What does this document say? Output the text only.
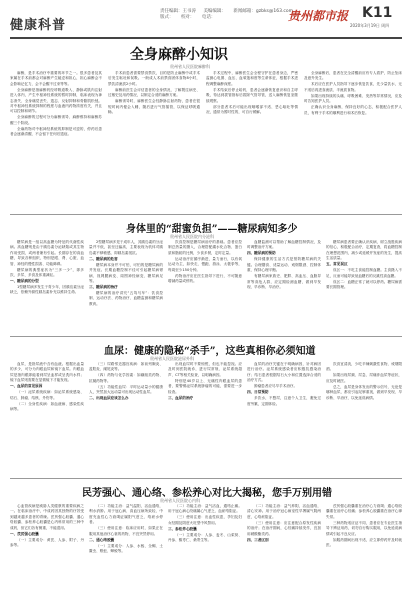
健康科普
责任编辑：王书涛 美编编辑： 新闻邮箱：gzbks@163.com
版式： 校对： 电话：	贵州都市报 K11
2020年3月19日 周四
全身麻醉小知识
贵州省人民医院麻醉科

麻醉，是手术治疗中重要的环节之一。很多患者及其家属在手术前都会对麻醉产生疑虑和担心，担心麻醉会不会影响记忆力，会不会醒不过来等等。

全身麻醉是指麻醉药经呼吸道吸入、静脉或肌肉注射进入体内，产生中枢神经系统的暂时抑制，临床表现为神志消失、全身痛觉丧失、遗忘、反射抑制和骨骼肌松弛。对中枢神经系统抑制的程度与血液内药物浓度有关，并且可以控制和调节。

全身麻醉的过程可分为麻醉诱导、麻醉维持和麻醉苏醒三个阶段。

全麻药物对中枢神经系统的抑制是可逆的，停药后患者会逐渐清醒，不会留下任何后遗症。

手术前患者需要禁食禁饮，目的是防止麻醉中或手术后发生呕吐和误吸。一般成人术前禁食固体食物8小时，禁饮清流质2小时。

麻醉前医生会评估患者的全身情况，了解既往病史、过敏史及用药情况，以制定合适的麻醉方案。

麻醉诱导时，麻醉医生会经静脉注射药物，患者在很短时间内便会入睡，随后进行气管插管，以保证呼吸通畅。

手术过程中，麻醉医生会全程守护在患者身边，严密监测心电图、血压、血氧饱和度等生命体征，根据手术进程调整麻醉深度。

手术结束后停止给药，患者会逐渐恢复意识和自主呼吸，待达到拔管指标后拔除气管导管，送入麻醉恢复室继续观察。

部分患者术后可能出现咽喉部不适、恶心呕吐等情况，通常为暂时性的，可自行缓解。

全身麻醉后，患者在完全清醒前应有专人看护，防止坠床及意外发生。

术后应在医护人员指导下逐步恢复饮食，先少量饮水，无不适后再进食流质、半流质食物。

如果出现持续的头痛、呼吸困难、发热等异常情况，应及时告知医护人员。

正确认识全身麻醉，保持良好的心态，积极配合医护人员，有利于手术的顺利进行和术后恢复。

身体里的“甜蜜负担”——糖尿病知多少
贵州省人民医院内分泌科

糖尿病是一组以高血糖为特征的代谢性疾病。高血糖则是由于胰岛素分泌缺陷或其生物作用受损，或两者兼有引起。长期存在的高血糖，导致各种组织，特别是眼、肾、心脏、血管、神经的慢性损害、功能障碍。

糖尿病的典型症状为“三多一少”，即多饮、多尿、多食及体重减轻。

一、糖尿病的分型

1型糖尿病多发生于青少年，因胰岛素分泌缺乏，依赖外源性胰岛素补充以维持生命。

2型糖尿病多见于成年人，其胰岛素的分泌量并不低，甚至还偏高，主要表现为机体对胰岛素不够敏感，即胰岛素抵抗。

二、糖尿病的危害

糖尿病本身并不可怕，可怕的是糖尿病的并发症。长期血糖控制不佳可引起糖尿病肾病、视网膜病变、周围神经病变、糖尿病足等。

三、糖尿病的治疗

糖尿病的治疗讲究“五驾马车”：饮食控制、运动疗法、药物治疗、血糖监测和糖尿病教育。

饮食控制是糖尿病治疗的基础。患者应控制总热量的摄入，合理搭配碳水化合物、蛋白质和脂肪的比例，少食多餐，定时定量。

运动治疗应循序渐进，量力而行，以有氧运动为主，如快走、慢跑、游泳、太极拳等，每周至少150分钟。

药物治疗应在医生指导下进行，不可随意增减药量或停药。

血糖监测可以帮助了解血糖控制情况，及时调整治疗方案。

四、糖尿病的预防

保持健康的生活方式是预防糖尿病的关键。合理膳食、适量运动、戒烟限酒、控制体重、保持心理平衡。

有糖尿病家族史、肥胖、高血压、血脂异常等高危人群，应定期检测血糖，做到早发现、早诊断、早治疗。

糖尿病患者要正确认识疾病，树立战胜疾病的信心，积极配合治疗，定期复查，将血糖控制在理想范围内，减少或延缓并发症的发生，提高生活质量。

五、常见误区

误区一：不吃主食能控制血糖。主食摄入不足，反而可能导致低血糖后的反跳性高血糖。

误区二：血糖正常了就可以停药。糖尿病需要长期管理。

血尿：健康的隐秘“杀手”，这些真相你必须知道
贵州省人民医院泌尿外科

血尿，是指尿液中含有血液。根据出血量的多少，可分为肉眼血尿和镜下血尿。肉眼血尿是指肉眼即能看到尿呈血样或呈洗肉水样；镜下血尿则需要在显微镜下才能发现。

一、血尿的常见原因

（一）泌尿系统疾病：如泌尿系统感染、结石、肿瘤、结核、外伤等。

（二）全身性疾病：如血液病、感染性疾病等。

（三）尿路邻近器官疾病：如前列腺炎、盆腔炎、阑尾炎等。

（四）药物与化学因素：如磺胺类药物、抗凝药物等。

（五）功能性血尿：平时运动量小的健康人，突然加大运动量可出现运动性血尿。

二、出现血尿应该怎么办

出现血尿时不要惊慌，但也不能忽视。应及时到医院就诊，进行尿常规、泌尿系统超声、CT等相关检查，以明确病因。

特别是40岁以上、无痛性肉眼血尿的患者，要警惕泌尿系统肿瘤的可能，需要进一步检查。

三、血尿的治疗

血尿的治疗关键在于明确病因，针对病因进行治疗。泌尿系统感染者应积极抗感染治疗；结石患者根据结石大小和位置选择合适的治疗方式。

肿瘤患者应尽早手术治疗。

四、日常预防

多饮水，不憋尿，注意个人卫生，避免过度劳累，定期体检。

饮食宜清淡，少吃辛辣刺激性食物，戒烟限酒。

如果出现尿频、尿急、尿痛伴血尿等症状，应及时就医。

总之，血尿是身体发出的警示信号，无论是哪种血尿，都应引起足够重视，做到早发现、早诊断、早治疗，以免延误病情。

民芳强心、通心络、参松养心对比大揭秘，您手万别用错
贵州省人民医院心内科

心血管疾病是威胁人类健康的重要疾病之一。在临床治疗中，中成药因其独特的疗效受到越来越多患者的青睐。芪苈强心胶囊、通心络胶囊、参松养心胶囊是心内科常用的三种中成药，但它们各有侧重，不能混用。

一、芪苈强心胶囊

（一）主要成分：黄芪、人参、附子、丹参等。

（二）功能主治：益气温阳，活血通络，利水消肿。用于冠心病、高血压病所致轻、中度充血性心力衰竭证属阳气虚乏、络瘀水停者。

（三）使用注意：临床应用时，如果正在服用其他治疗心衰的药物，不宜突然停用。

二、通心络胶囊

（一）主要成分：人参、水蛭、全蝎、土鳖虫、蜈蚣、蝉蜕等。

（二）功能主治：益气活血，通络止痛。用于冠心病心绞痛属心气虚乏、血瘀络阻证。

（三）使用注意：出血性疾患，孕妇及妇女经期及阴虚火旺型中风禁用。

三、参松养心胶囊

（一）主要成分：人参、麦冬、山茱萸、丹参、酸枣仁、桑寄生等。

（二）功能主治：益气养阴，活血通络，清心安神。用于治疗冠心病室性早搏属气阴两虚，心络瘀阻证。

（三）使用注意：应注意配合原发性疾病的治疗；在治疗期间，心绞痛持续发作，宜加用硝酸酯类药。

四、三者区别

芪苈强心胶囊重在治疗心力衰竭；通心络胶囊重在治疗心绞痛；参松养心胶囊重在治疗心律失常。

三种药物适应证不同，患者应在专业医生指导下辨证用药，切勿自行购买服用，以免延误病情或引起不良反应。

如服药期间出现不适，应立即停药并及时就医。
